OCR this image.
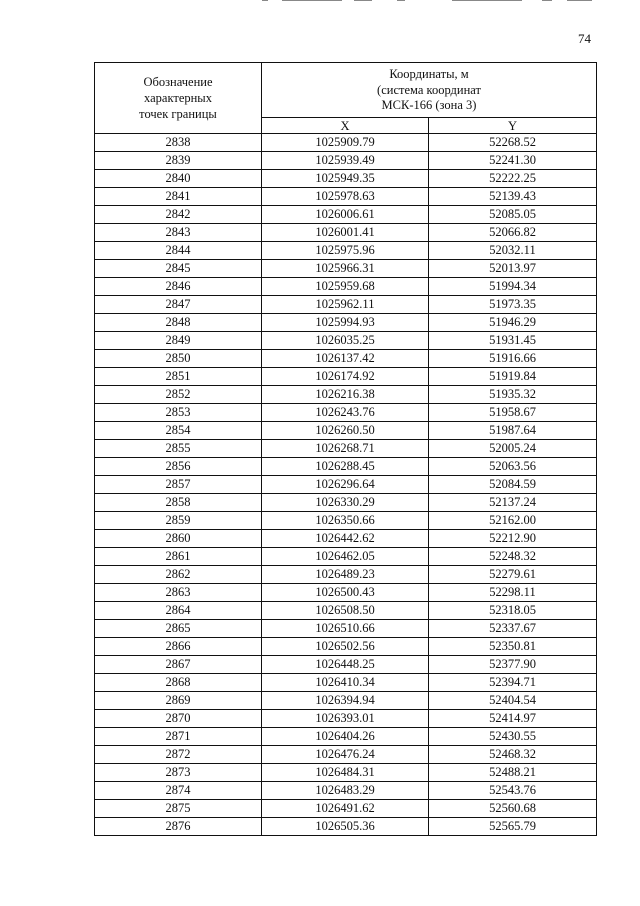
74
Обозначение
характерных
точек границы	Координаты, м
(система координат
МСК-166 (зона 3)	
	X	Y
2838	1025909.79	52268.52
2839	1025939.49	52241.30
2840	1025949.35	52222.25
2841	1025978.63	52139.43
2842	1026006.61	52085.05
2843	1026001.41	52066.82
2844	1025975.96	52032.11
2845	1025966.31	52013.97
2846	1025959.68	51994.34
2847	1025962.11	51973.35
2848	1025994.93	51946.29
2849	1026035.25	51931.45
2850	1026137.42	51916.66
2851	1026174.92	51919.84
2852	1026216.38	51935.32
2853	1026243.76	51958.67
2854	1026260.50	51987.64
2855	1026268.71	52005.24
2856	1026288.45	52063.56
2857	1026296.64	52084.59
2858	1026330.29	52137.24
2859	1026350.66	52162.00
2860	1026442.62	52212.90
2861	1026462.05	52248.32
2862	1026489.23	52279.61
2863	1026500.43	52298.11
2864	1026508.50	52318.05
2865	1026510.66	52337.67
2866	1026502.56	52350.81
2867	1026448.25	52377.90
2868	1026410.34	52394.71
2869	1026394.94	52404.54
2870	1026393.01	52414.97
2871	1026404.26	52430.55
2872	1026476.24	52468.32
2873	1026484.31	52488.21
2874	1026483.29	52543.76
2875	1026491.62	52560.68
2876	1026505.36	52565.79
